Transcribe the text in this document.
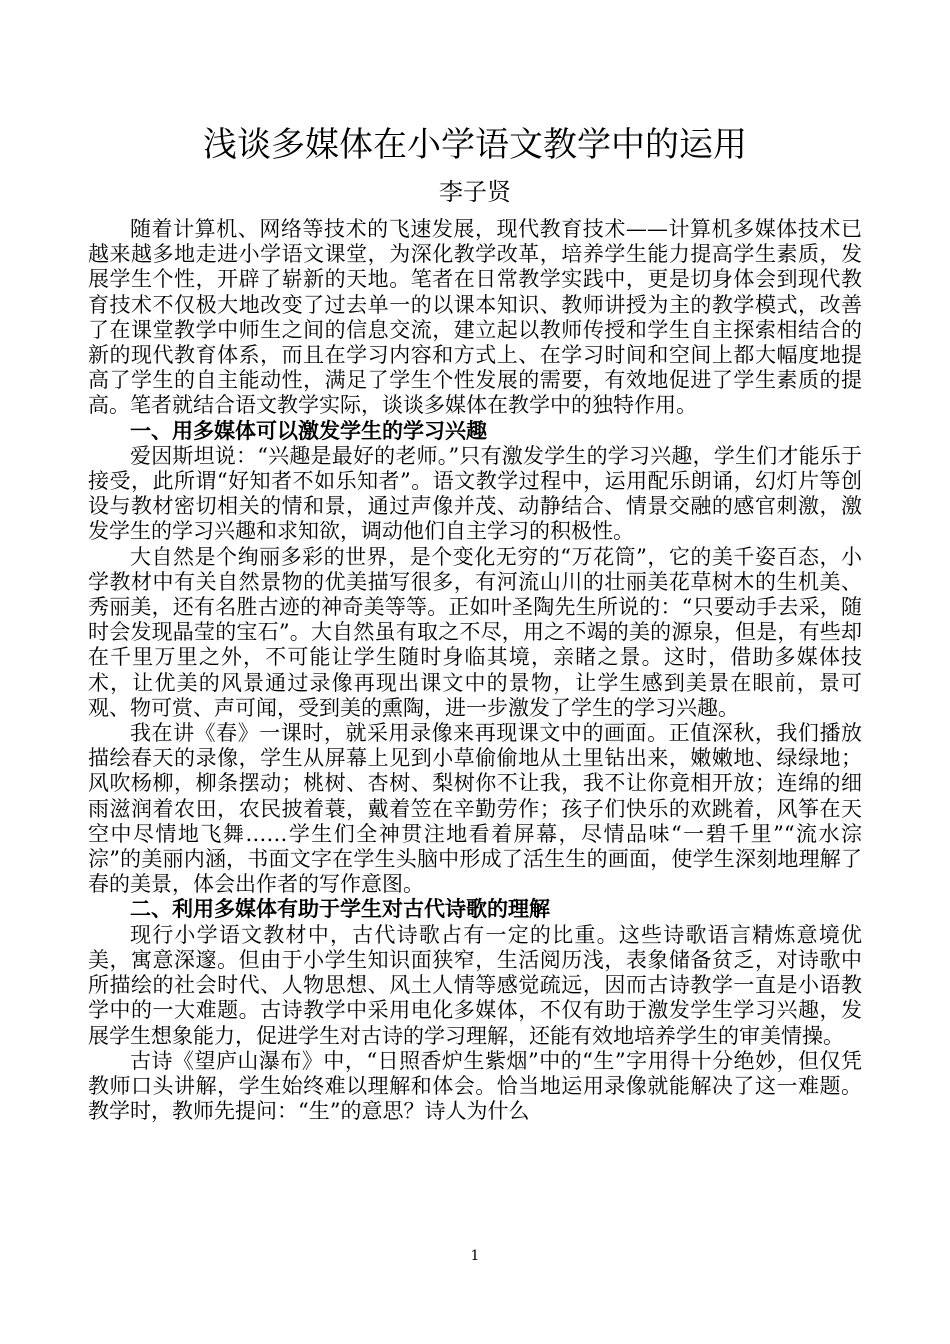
浅谈多媒体在小学语文教学中的运用
李子贤

随着计算机、网络等技术的飞速发展，现代教育技术——计算机多媒体技术已越来越多地走进小学语文课堂，为深化教学改革，培养学生能力提高学生素质，发展学生个性，开辟了崭新的天地。笔者在日常教学实践中，更是切身体会到现代教育技术不仅极大地改变了过去单一的以课本知识、教师讲授为主的教学模式，改善了在课堂教学中师生之间的信息交流，建立起以教师传授和学生自主探索相结合的新的现代教育体系，而且在学习内容和方式上、在学习时间和空间上都大幅度地提高了学生的自主能动性，满足了学生个性发展的需要，有效地促进了学生素质的提高。笔者就结合语文教学实际，谈谈多媒体在教学中的独特作用。

一、用多媒体可以激发学生的学习兴趣

爱因斯坦说：“兴趣是最好的老师。”只有激发学生的学习兴趣，学生们才能乐于接受，此所谓“好知者不如乐知者”。语文教学过程中，运用配乐朗诵，幻灯片等创设与教材密切相关的情和景，通过声像并茂、动静结合、情景交融的感官刺激，激发学生的学习兴趣和求知欲，调动他们自主学习的积极性。

大自然是个绚丽多彩的世界，是个变化无穷的“万花筒”，它的美千姿百态，小学教材中有关自然景物的优美描写很多，有河流山川的壮丽美花草树木的生机美、秀丽美，还有名胜古迹的神奇美等等。正如叶圣陶先生所说的：“只要动手去采，随时会发现晶莹的宝石”。大自然虽有取之不尽，用之不竭的美的源泉，但是，有些却在千里万里之外，不可能让学生随时身临其境，亲睹之景。这时，借助多媒体技术，让优美的风景通过录像再现出课文中的景物，让学生感到美景在眼前，景可观、物可赏、声可闻，受到美的熏陶，进一步激发了学生的学习兴趣。

我在讲《春》一课时，就采用录像来再现课文中的画面。正值深秋，我们播放描绘春天的录像，学生从屏幕上见到小草偷偷地从土里钻出来，嫩嫩地、绿绿地；风吹杨柳，柳条摆动；桃树、杏树、梨树你不让我，我不让你竟相开放；连绵的细雨滋润着农田，农民披着蓑，戴着笠在辛勤劳作；孩子们快乐的欢跳着，风筝在天空中尽情地飞舞……学生们全神贯注地看着屏幕，尽情品味“一碧千里”“流水淙淙”的美丽内涵，书面文字在学生头脑中形成了活生生的画面，使学生深刻地理解了春的美景，体会出作者的写作意图。

二、利用多媒体有助于学生对古代诗歌的理解

现行小学语文教材中，古代诗歌占有一定的比重。这些诗歌语言精炼意境优美，寓意深邃。但由于小学生知识面狭窄，生活阅历浅，表象储备贫乏，对诗歌中所描绘的社会时代、人物思想、风土人情等感觉疏远，因而古诗教学一直是小语教学中的一大难题。古诗教学中采用电化多媒体，不仅有助于激发学生学习兴趣，发展学生想象能力，促进学生对古诗的学习理解，还能有效地培养学生的审美情操。

古诗《望庐山瀑布》中，“日照香炉生紫烟”中的“生”字用得十分绝妙，但仅凭教师口头讲解，学生始终难以理解和体会。恰当地运用录像就能解决了这一难题。教学时，教师先提问：“生”的意思？诗人为什么

1
